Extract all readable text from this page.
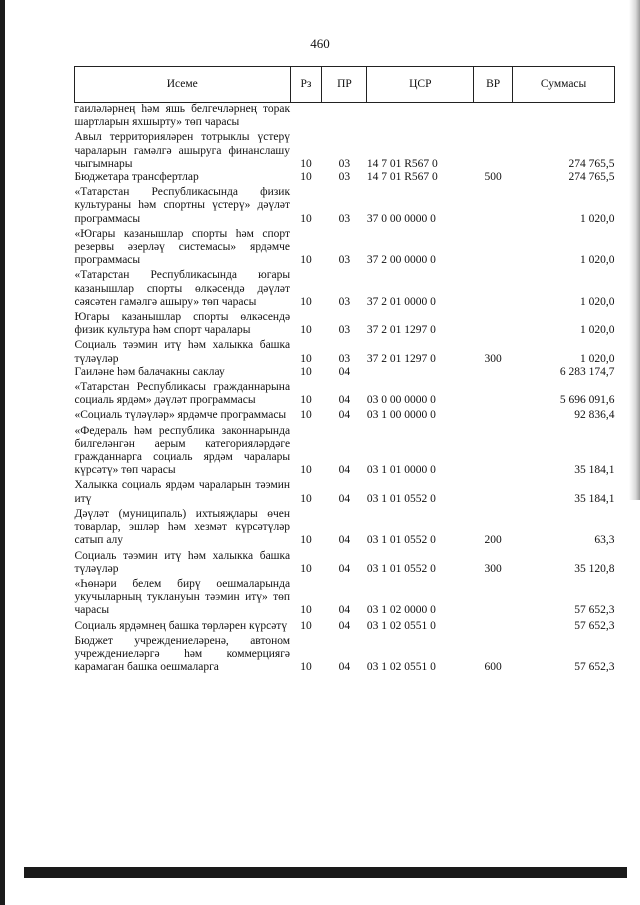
460
Исеме	Рз	ПР	ЦСР	ВР	Суммасы
гаиләләрнең һәм яшь белгечләрнең торак шартларын яхшырту» төп чарасы					
Авыл территорияләрен тотрыклы үстерү чараларын гамәлгә ашыруга финанслашу чыгымнары	10	03	14 7 01 R567 0		274 765,5
Бюджетара трансфертлар	10	03	14 7 01 R567 0	500	274 765,5
«Татарстан Республикасында физик культураны һәм спортны үстерү» дәүләт программасы	10	03	37 0 00 0000 0		1 020,0
«Югары казанышлар спорты һәм спорт резервы әзерләү системасы» ярдәмче программасы	10	03	37 2 00 0000 0		1 020,0
«Татарстан Республикасында югары казанышлар спорты өлкәсендә дәүләт сәясәтен гамәлгә ашыру» төп чарасы	10	03	37 2 01 0000 0		1 020,0
Югары казанышлар спорты өлкәсендә физик культура һәм спорт чаралары	10	03	37 2 01 1297 0		1 020,0
Социаль тәэмин итү һәм халыкка башка түләүләр	10	03	37 2 01 1297 0	300	1 020,0
Гаиләне һәм балачакны саклау	10	04			6 283 174,7
«Татарстан Республикасы гражданнарына социаль ярдәм» дәүләт программасы	10	04	03 0 00 0000 0		5 696 091,6
«Социаль түләүләр» ярдәмче программасы	10	04	03 1 00 0000 0		92 836,4
«Федераль һәм республика законнарында билгеләнгән аерым категорияләрдәге гражданнарга социаль ярдәм чаралары күрсәтү» төп чарасы	10	04	03 1 01 0000 0		35 184,1
Халыкка социаль ярдәм чараларын тәэмин итү	10	04	03 1 01 0552 0		35 184,1
Дәүләт (муниципаль) ихтыяҗлары өчен товарлар, эшләр һәм хезмәт күрсәтүләр сатып алу	10	04	03 1 01 0552 0	200	63,3
Социаль тәэмин итү һәм халыкка башка түләүләр	10	04	03 1 01 0552 0	300	35 120,8
«Һөнәри белем бирү оешмаларында укучыларның туклануын тәэмин итү» төп чарасы	10	04	03 1 02 0000 0		57 652,3
Социаль ярдәмнең башка төрләрен күрсәтү	10	04	03 1 02 0551 0		57 652,3
Бюджет учреждениеләренә, автоном учреждениеләргә һәм коммерциягә карамаган башка оешмаларга	10	04	03 1 02 0551 0	600	57 652,3
